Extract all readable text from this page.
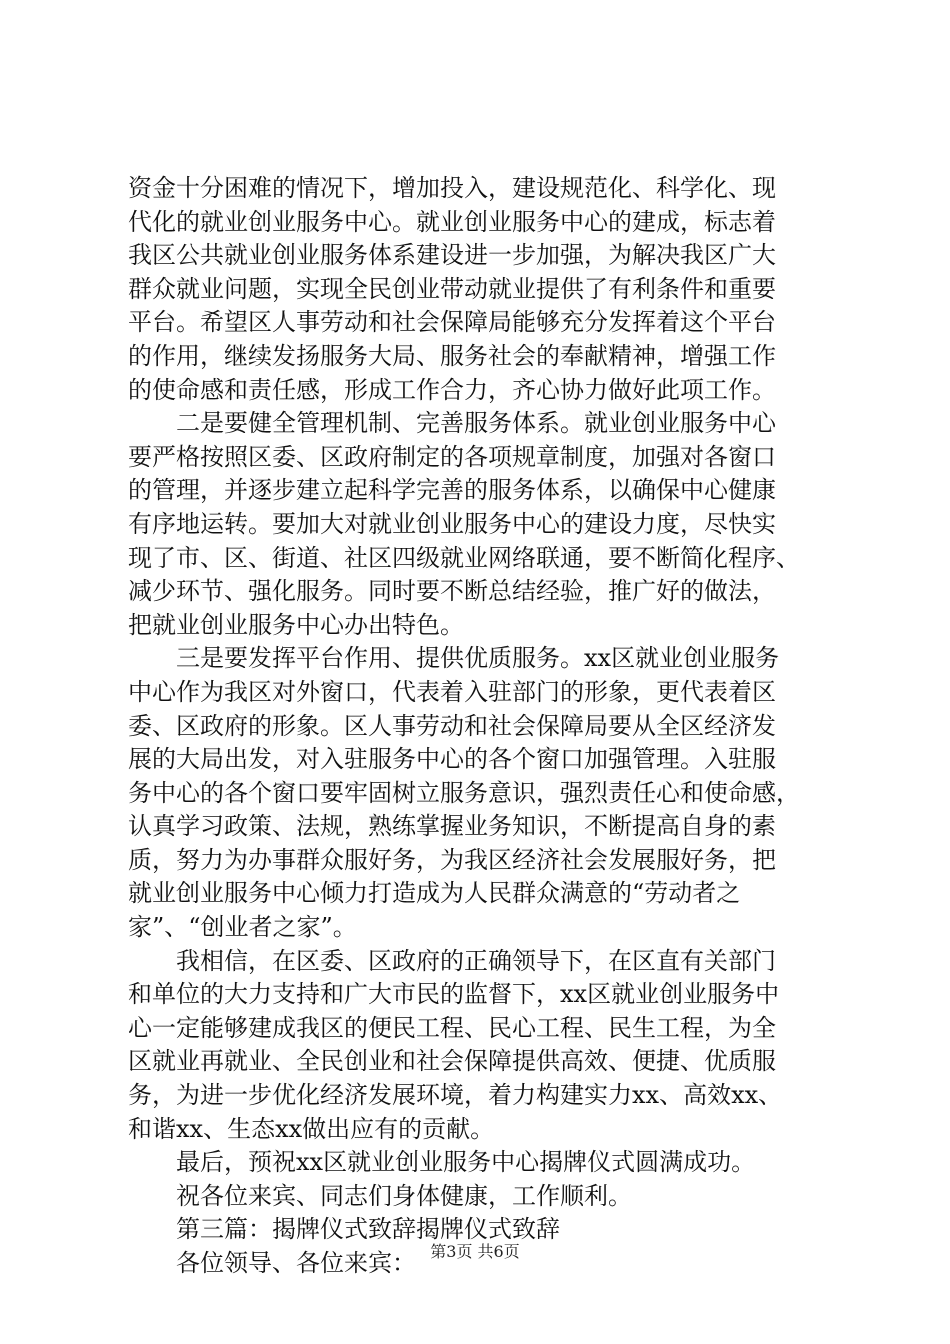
资金十分困难的情况下，增加投入，建设规范化、科学化、现
代化的就业创业服务中心。就业创业服务中心的建成，标志着
我区公共就业创业服务体系建设进一步加强，为解决我区广大
群众就业问题，实现全民创业带动就业提供了有利条件和重要
平台。希望区人事劳动和社会保障局能够充分发挥着这个平台
的作用，继续发扬服务大局、服务社会的奉献精神，增强工作
的使命感和责任感，形成工作合力，齐心协力做好此项工作。
　　二是要健全管理机制、完善服务体系。就业创业服务中心
要严格按照区委、区政府制定的各项规章制度，加强对各窗口
的管理，并逐步建立起科学完善的服务体系，以确保中心健康
有序地运转。要加大对就业创业服务中心的建设力度，尽快实
现了市、区、街道、社区四级就业网络联通，要不断简化程序、
减少环节、强化服务。同时要不断总结经验，推广好的做法，
把就业创业服务中心办出特色。
　　三是要发挥平台作用、提供优质服务。xx区就业创业服务
中心作为我区对外窗口，代表着入驻部门的形象，更代表着区
委、区政府的形象。区人事劳动和社会保障局要从全区经济发
展的大局出发，对入驻服务中心的各个窗口加强管理。入驻服
务中心的各个窗口要牢固树立服务意识，强烈责任心和使命感，
认真学习政策、法规，熟练掌握业务知识，不断提高自身的素
质，努力为办事群众服好务，为我区经济社会发展服好务，把
就业创业服务中心倾力打造成为人民群众满意的“劳动者之
家”、“创业者之家”。
　　我相信，在区委、区政府的正确领导下，在区直有关部门
和单位的大力支持和广大市民的监督下，xx区就业创业服务中
心一定能够建成我区的便民工程、民心工程、民生工程，为全
区就业再就业、全民创业和社会保障提供高效、便捷、优质服
务，为进一步优化经济发展环境，着力构建实力xx、高效xx、
和谐xx、生态xx做出应有的贡献。
　　最后，预祝xx区就业创业服务中心揭牌仪式圆满成功。
　　祝各位来宾、同志们身体健康，工作顺利。
　　第三篇：揭牌仪式致辞揭牌仪式致辞
　　各位领导、各位来宾： 第3页 共6页
